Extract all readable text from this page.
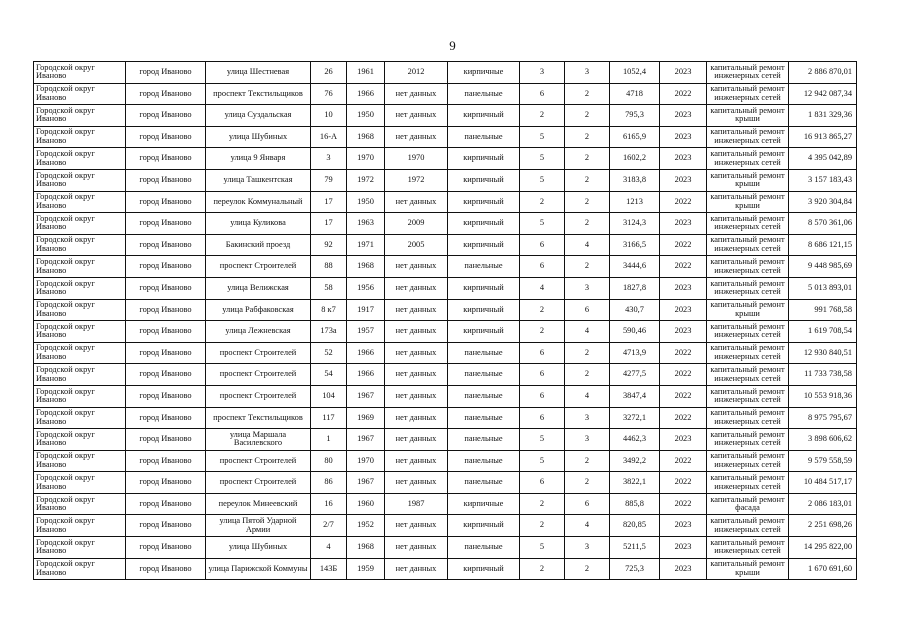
9
Городской округ Иваново	город Иваново	улица Шестневая	26	1961	2012	кирпичные	3	3	1052,4	2023	капитальный ремонт инженерных сетей	2 886 870,01
Городской округ Иваново	город Иваново	проспект Текстильщиков	76	1966	нет данных	панельные	6	2	4718	2022	капитальный ремонт инженерных сетей	12 942 087,34
Городской округ Иваново	город Иваново	улица Суздальская	10	1950	нет данных	кирпичный	2	2	795,3	2023	капитальный ремонт крыши	1 831 329,36
Городской округ Иваново	город Иваново	улица Шубиных	16-А	1968	нет данных	панельные	5	2	6165,9	2023	капитальный ремонт инженерных сетей	16 913 865,27
Городской округ Иваново	город Иваново	улица 9 Января	3	1970	1970	кирпичный	5	2	1602,2	2023	капитальный ремонт инженерных сетей	4 395 042,89
Городской округ Иваново	город Иваново	улица Ташкентская	79	1972	1972	кирпичный	5	2	3183,8	2023	капитальный ремонт крыши	3 157 183,43
Городской округ Иваново	город Иваново	переулок Коммунальный	17	1950	нет данных	кирпичный	2	2	1213	2022	капитальный ремонт крыши	3 920 304,84
Городской округ Иваново	город Иваново	улица Куликова	17	1963	2009	кирпичный	5	2	3124,3	2023	капитальный ремонт инженерных сетей	8 570 361,06
Городской округ Иваново	город Иваново	Бакинский проезд	92	1971	2005	кирпичный	6	4	3166,5	2022	капитальный ремонт инженерных сетей	8 686 121,15
Городской округ Иваново	город Иваново	проспект Строителей	88	1968	нет данных	панельные	6	2	3444,6	2022	капитальный ремонт инженерных сетей	9 448 985,69
Городской округ Иваново	город Иваново	улица Велижская	58	1956	нет данных	кирпичный	4	3	1827,8	2023	капитальный ремонт инженерных сетей	5 013 893,01
Городской округ Иваново	город Иваново	улица Рабфаковская	8 к7	1917	нет данных	кирпичный	2	6	430,7	2023	капитальный ремонт крыши	991 768,58
Городской округ Иваново	город Иваново	улица Лежневская	173а	1957	нет данных	кирпичный	2	4	590,46	2023	капитальный ремонт инженерных сетей	1 619 708,54
Городской округ Иваново	город Иваново	проспект Строителей	52	1966	нет данных	панельные	6	2	4713,9	2022	капитальный ремонт инженерных сетей	12 930 840,51
Городской округ Иваново	город Иваново	проспект Строителей	54	1966	нет данных	панельные	6	2	4277,5	2022	капитальный ремонт инженерных сетей	11 733 738,58
Городской округ Иваново	город Иваново	проспект Строителей	104	1967	нет данных	панельные	6	4	3847,4	2022	капитальный ремонт инженерных сетей	10 553 918,36
Городской округ Иваново	город Иваново	проспект Текстильщиков	117	1969	нет данных	панельные	6	3	3272,1	2022	капитальный ремонт инженерных сетей	8 975 795,67
Городской округ Иваново	город Иваново	улица Маршала Василевского	1	1967	нет данных	панельные	5	3	4462,3	2023	капитальный ремонт инженерных сетей	3 898 606,62
Городской округ Иваново	город Иваново	проспект Строителей	80	1970	нет данных	панельные	5	2	3492,2	2022	капитальный ремонт инженерных сетей	9 579 558,59
Городской округ Иваново	город Иваново	проспект Строителей	86	1967	нет данных	панельные	6	2	3822,1	2022	капитальный ремонт инженерных сетей	10 484 517,17
Городской округ Иваново	город Иваново	переулок Минеевский	16	1960	1987	кирпичные	2	6	885,8	2022	капитальный ремонт фасада	2 086 183,01
Городской округ Иваново	город Иваново	улица Пятой Ударной Армии	2/7	1952	нет данных	кирпичный	2	4	820,85	2023	капитальный ремонт инженерных сетей	2 251 698,26
Городской округ Иваново	город Иваново	улица Шубиных	4	1968	нет данных	панельные	5	3	5211,5	2023	капитальный ремонт инженерных сетей	14 295 822,00
Городской округ Иваново	город Иваново	улица Парижской Коммуны	143Б	1959	нет данных	кирпичный	2	2	725,3	2023	капитальный ремонт крыши	1 670 691,60
